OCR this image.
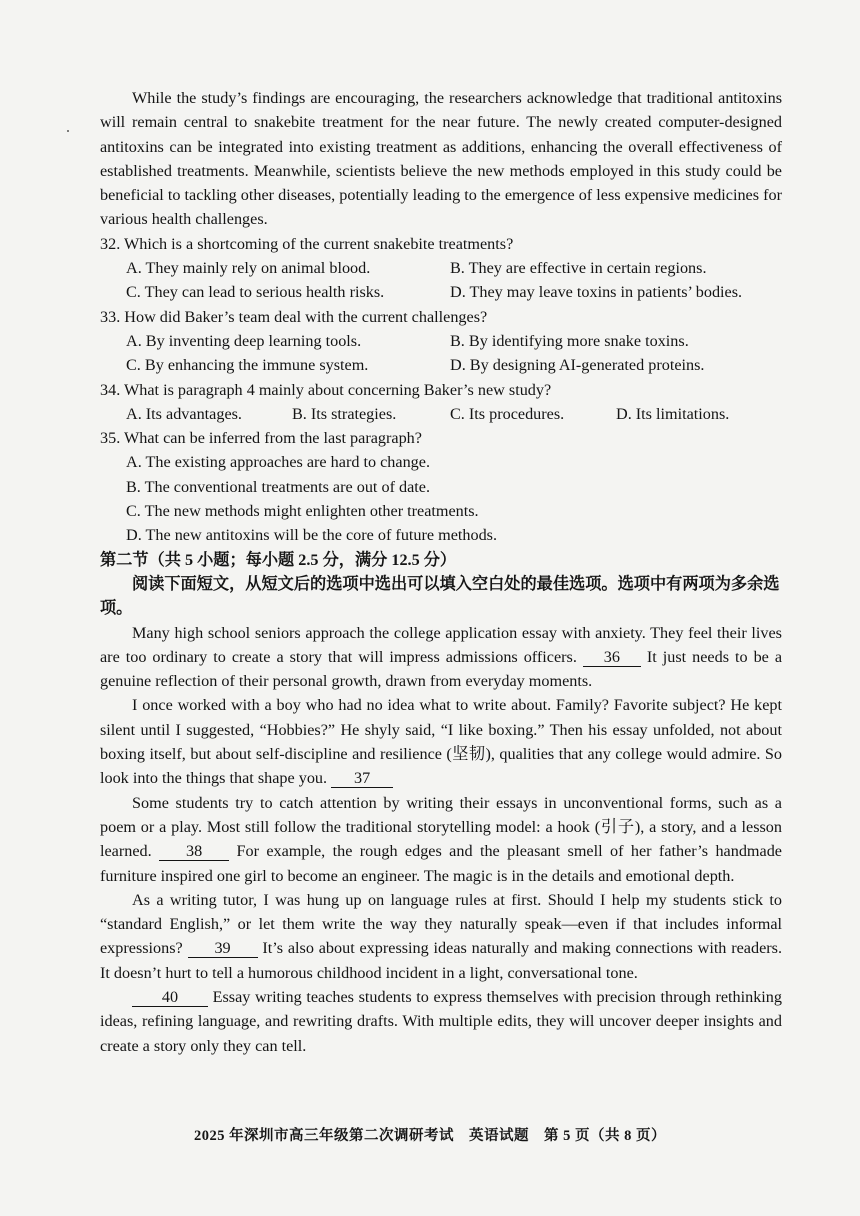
While the study’s findings are encouraging, the researchers acknowledge that traditional antitoxins will remain central to snakebite treatment for the near future. The newly created computer-designed antitoxins can be integrated into existing treatment as additions, enhancing the overall effectiveness of established treatments. Meanwhile, scientists believe the new methods employed in this study could be beneficial to tackling other diseases, potentially leading to the emergence of less expensive medicines for various health challenges.

32. Which is a shortcoming of the current snakebite treatments?

A. They mainly rely on animal blood.	B. They are effective in certain regions.
C. They can lead to serious health risks.	D. They may leave toxins in patients’ bodies.

33. How did Baker’s team deal with the current challenges?

A. By inventing deep learning tools.	B. By identifying more snake toxins.
C. By enhancing the immune system.	D. By designing AI-generated proteins.

34. What is paragraph 4 mainly about concerning Baker’s new study?

A. Its advantages.	B. Its strategies.	C. Its procedures.	D. Its limitations.

35. What can be inferred from the last paragraph?

A. The existing approaches are hard to change.
B. The conventional treatments are out of date.
C. The new methods might enlighten other treatments.
D. The new antitoxins will be the core of future methods.

第二节（共 5 小题；每小题 2.5 分，满分 12.5 分）

阅读下面短文，从短文后的选项中选出可以填入空白处的最佳选项。选项中有两项为多余选项。

Many high school seniors approach the college application essay with anxiety. They feel their lives are too ordinary to create a story that will impress admissions officers. 36 It just needs to be a genuine reflection of their personal growth, drawn from everyday moments.

I once worked with a boy who had no idea what to write about. Family? Favorite subject? He kept silent until I suggested, “Hobbies?” He shyly said, “I like boxing.” Then his essay unfolded, not about boxing itself, but about self-discipline and resilience (坚韧), qualities that any college would admire. So look into the things that shape you. 37

Some students try to catch attention by writing their essays in unconventional forms, such as a poem or a play. Most still follow the traditional storytelling model: a hook (引子), a story, and a lesson learned. 38 For example, the rough edges and the pleasant smell of her father’s handmade furniture inspired one girl to become an engineer. The magic is in the details and emotional depth.

As a writing tutor, I was hung up on language rules at first. Should I help my students stick to “standard English,” or let them write the way they naturally speak—even if that includes informal expressions? 39 It’s also about expressing ideas naturally and making connections with readers. It doesn’t hurt to tell a humorous childhood incident in a light, conversational tone.

40 Essay writing teaches students to express themselves with precision through rethinking ideas, refining language, and rewriting drafts. With multiple edits, they will uncover deeper insights and create a story only they can tell.

2025 年深圳市高三年级第二次调研考试　英语试题　第 5 页（共 8 页）
